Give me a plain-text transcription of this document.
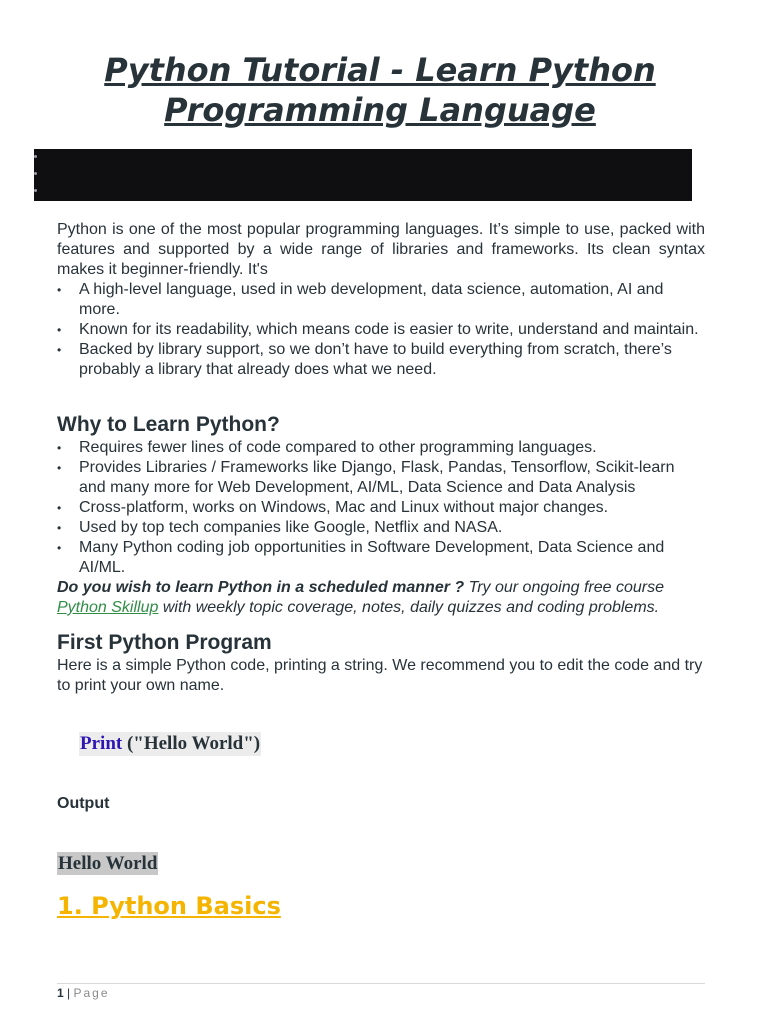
Python Tutorial - Learn Python Programming Language

Python is one of the most popular programming languages. It’s simple to use, packed with features and supported by a wide range of libraries and frameworks. Its clean syntax makes it beginner-friendly. It's

• A high-level language, used in web development, data science, automation, AI and more.
• Known for its readability, which means code is easier to write, understand and maintain.
• Backed by library support, so we don’t have to build everything from scratch, there’s probably a library that already does what we need.
Why to Learn Python?
• Requires fewer lines of code compared to other programming languages.
• Provides Libraries / Frameworks like Django, Flask, Pandas, Tensorflow, Scikit-learn and many more for Web Development, AI/ML, Data Science and Data Analysis
• Cross-platform, works on Windows, Mac and Linux without major changes.
• Used by top tech companies like Google, Netflix and NASA.
• Many Python coding job opportunities in Software Development, Data Science and AI/ML.

Do you wish to learn Python in a scheduled manner ? Try our ongoing free course Python Skillup with weekly topic coverage, notes, daily quizzes and coding problems.

First Python Program

Here is a simple Python code, printing a string. We recommend you to edit the code and try to print your own name.

Print ("Hello World")

Output

Hello World
1. Python Basics
1 | Page
